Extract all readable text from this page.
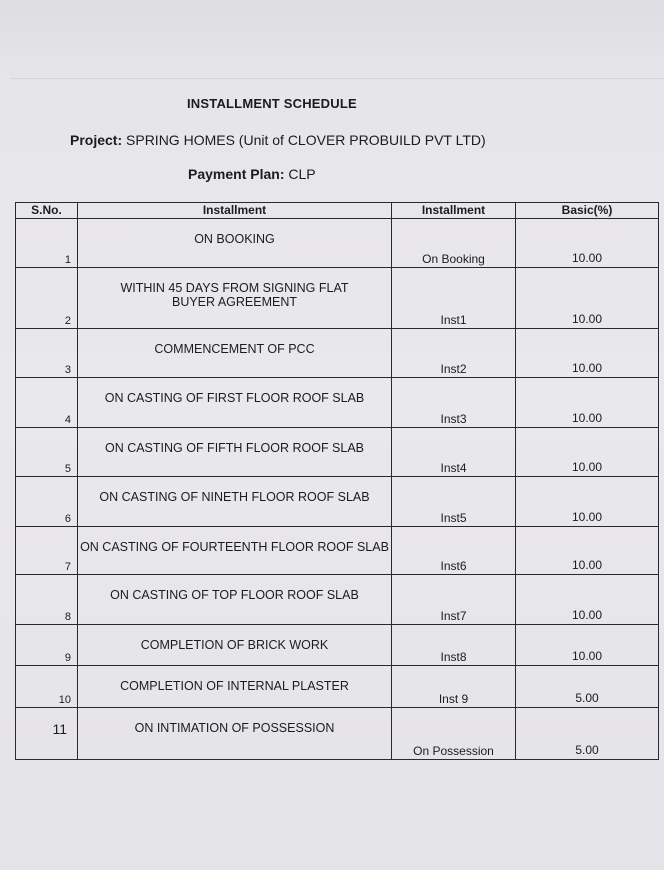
INSTALLMENT SCHEDULE
Project: SPRING HOMES (Unit of CLOVER PROBUILD PVT LTD)
Payment Plan: CLP
S.No.	Installment	Installment	Basic(%)

1	ON BOOKING	On Booking	10.00

2	WITHIN 45 DAYS FROM SIGNING FLAT BUYER AGREEMENT	Inst1	10.00

3	COMMENCEMENT OF PCC	Inst2	10.00

4	ON CASTING OF FIRST FLOOR ROOF SLAB	Inst3	10.00

5	ON CASTING OF FIFTH FLOOR ROOF SLAB	Inst4	10.00

6	ON CASTING OF NINETH FLOOR ROOF SLAB	Inst5	10.00

7	ON CASTING OF FOURTEENTH FLOOR ROOF SLAB	Inst6	10.00

8	ON CASTING OF TOP FLOOR ROOF SLAB	Inst7	10.00

9	COMPLETION OF BRICK WORK	Inst8	10.00

10	COMPLETION OF INTERNAL PLASTER	Inst 9	5.00

11	ON INTIMATION OF POSSESSION	On Possession	5.00
